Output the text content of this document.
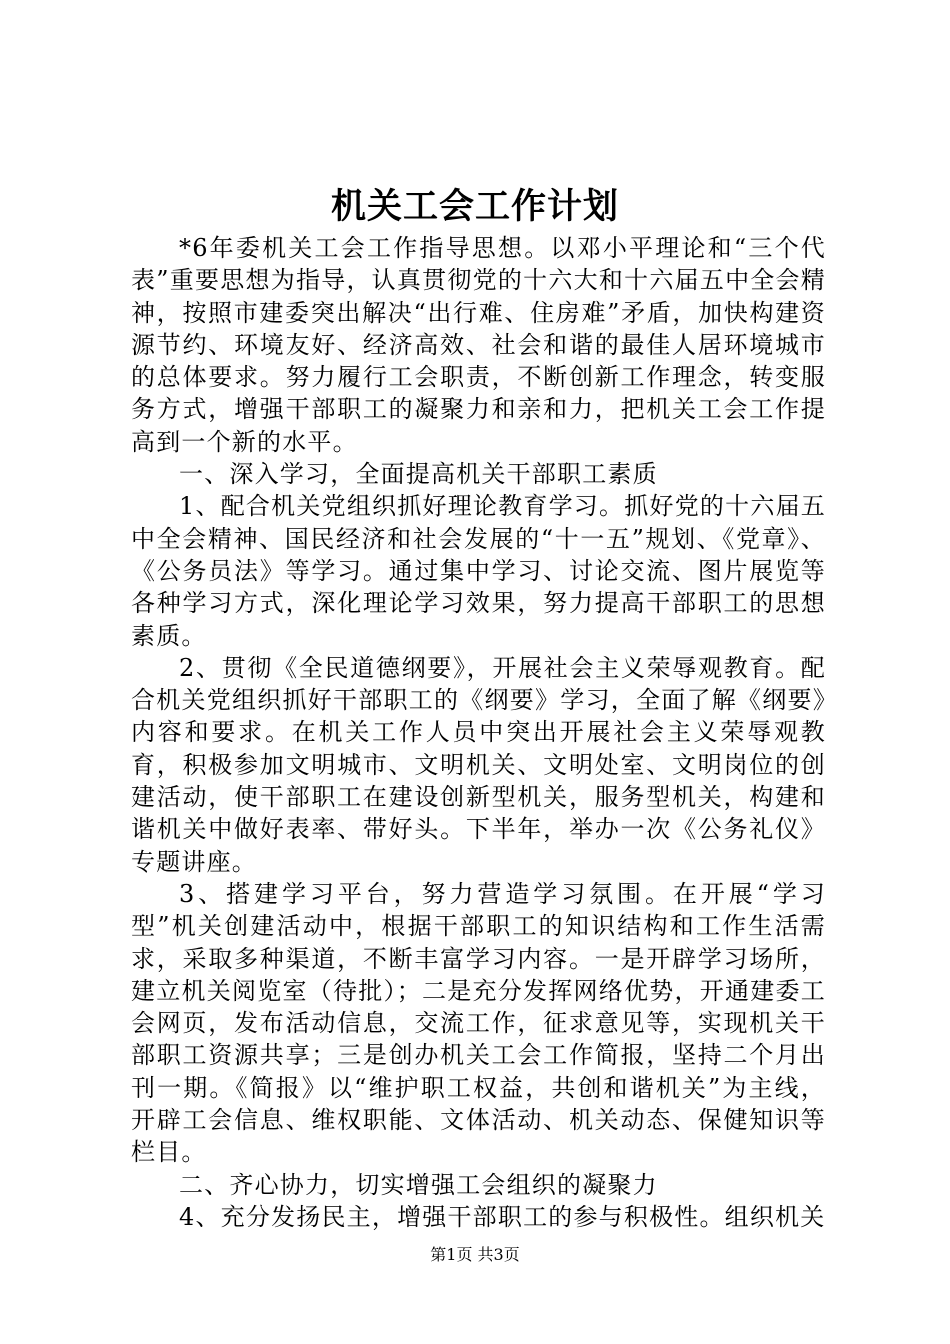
机关工会工作计划

*6年委机关工会工作指导思想。以邓小平理论和“三个代表”重要思想为指导，认真贯彻党的十六大和十六届五中全会精神，按照市建委突出解决“出行难、住房难”矛盾，加快构建资源节约、环境友好、经济高效、社会和谐的最佳人居环境城市的总体要求。努力履行工会职责，不断创新工作理念，转变服务方式，增强干部职工的凝聚力和亲和力，把机关工会工作提高到一个新的水平。

一、深入学习，全面提高机关干部职工素质

1、配合机关党组织抓好理论教育学习。抓好党的十六届五中全会精神、国民经济和社会发展的“十一五”规划、《党章》、《公务员法》等学习。通过集中学习、讨论交流、图片展览等各种学习方式，深化理论学习效果，努力提高干部职工的思想素质。

2、贯彻《全民道德纲要》，开展社会主义荣辱观教育。配合机关党组织抓好干部职工的《纲要》学习，全面了解《纲要》内容和要求。在机关工作人员中突出开展社会主义荣辱观教育，积极参加文明城市、文明机关、文明处室、文明岗位的创建活动，使干部职工在建设创新型机关，服务型机关，构建和谐机关中做好表率、带好头。下半年，举办一次《公务礼仪》专题讲座。

3、搭建学习平台，努力营造学习氛围。在开展“学习型”机关创建活动中，根据干部职工的知识结构和工作生活需求，采取多种渠道，不断丰富学习内容。一是开辟学习场所，建立机关阅览室（待批）；二是充分发挥网络优势，开通建委工会网页，发布活动信息，交流工作，征求意见等，实现机关干部职工资源共享；三是创办机关工会工作简报，坚持二个月出刊一期。《简报》以“维护职工权益，共创和谐机关”为主线，开辟工会信息、维权职能、文体活动、机关动态、保健知识等栏目。

二、齐心协力，切实增强工会组织的凝聚力

4、充分发扬民主，增强干部职工的参与积极性。组织机关

第1页 共3页
